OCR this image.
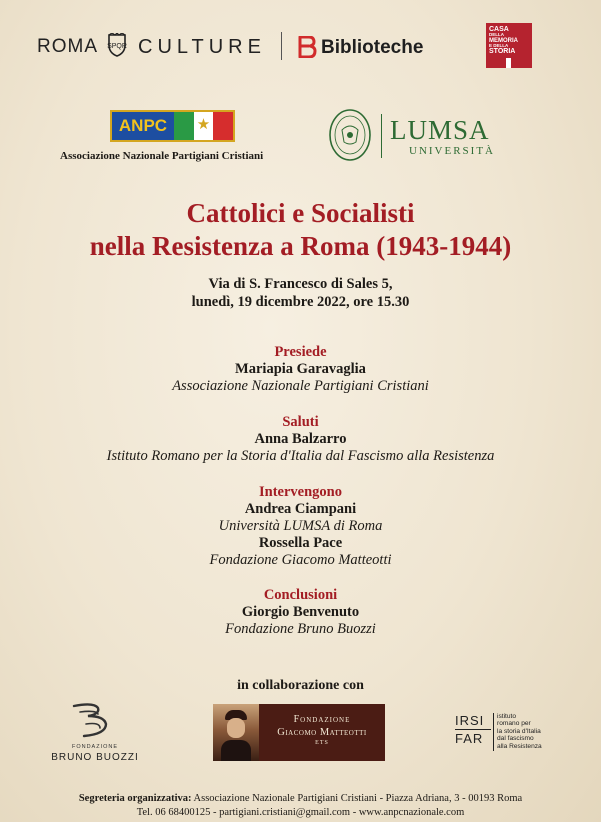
ROMA SPQR CULTURE	Biblioteche
CASA
DELLA
MEMORIA
E DELLA
STORIA
ANPC ★
Associazione Nazionale Partigiani Cristiani
LUMSA
UNIVERSITÀ
Cattolici e Socialisti
nella Resistenza a Roma (1943-1944)
Via di S. Francesco di Sales 5,
lunedì, 19 dicembre 2022, ore 15.30
Presiede
Mariapia Garavaglia
Associazione Nazionale Partigiani Cristiani
Saluti
Anna Balzarro
Istituto Romano per la Storia d'Italia dal Fascismo alla Resistenza
Intervengono
Andrea Ciampani
Università LUMSA di Roma
Rossella Pace
Fondazione Giacomo Matteotti
Conclusioni
Giorgio Benvenuto
Fondazione Bruno Buozzi
in collaborazione con
FONDAZIONE
BRUNO BUOZZI
Fondazione
Giacomo Matteotti
ETS
IRSI
FAR
istituto
romano per
la storia d'Italia
dal fascismo
alla Resistenza
Segreteria organizzativa: Associazione Nazionale Partigiani Cristiani - Piazza Adriana, 3 - 00193 Roma
Tel. 06 68400125 - partigiani.cristiani@gmail.com - www.anpcnazionale.com
